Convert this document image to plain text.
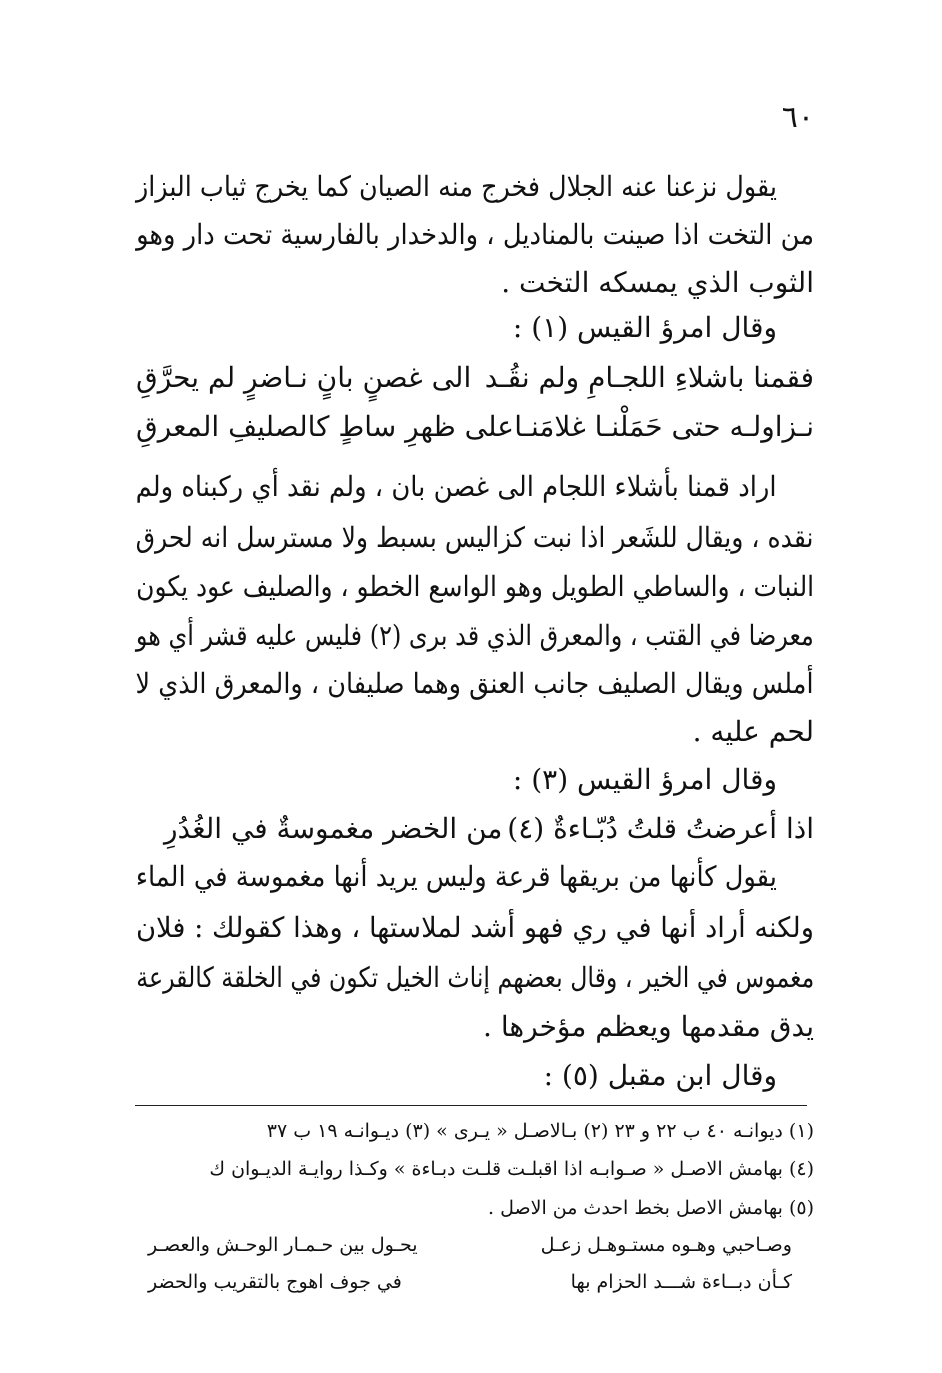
٦٠
يقول نزعنا عنه الجلال فخرج منه الصيان كما يخرج ثياب البزاز
من التخت اذا صينت بالمناديل ، والدخدار بالفارسية تحت دار وهو
الثوب الذي يمسكه التخت .
وقال امرؤ القيس (١) :
فقمنا باشلاءِ اللجـامِ ولم نقُـد
الى غصنٍ بانٍ نـاضرٍ لم يحرَّقِ
نـزاولـه حتى حَمَلْنـا غلامَنـا
على ظهرِ ساطٍ كالصليفِ المعرقِ
اراد قمنا بأشلاء اللجام الى غصن بان ، ولم نقد أي ركبناه ولم
نقده ، ويقال للشَعر اذا نبت كزاليس بسبط ولا مسترسل انه لحرق
النبات ، والساطي الطويل وهو الواسع الخطو ، والصليف عود يكون
معرضا في القتب ، والمعرق الذي قد برى (٢) فليس عليه قشر أي هو
أملس ويقال الصليف جانب العنق وهما صليفان ، والمعرق الذي لا
لحم عليه .
وقال امرؤ القيس (٣) :
اذا أعرضتُ قلتُ دُبّـاءةٌ (٤)
من الخضر مغموسةٌ في الغُدُرِ
يقول كأنها من بريقها قرعة وليس يريد أنها مغموسة في الماء
ولكنه أراد أنها في ري فهو أشد لملاستها ، وهذا كقولك : فلان
مغموس في الخير ، وقال بعضهم إناث الخيل تكون في الخلقة كالقرعة
يدق مقدمها ويعظم مؤخرها .
وقال ابن مقبل (٥) :
(١) ديوانـه ٤٠ ب ٢٢ و ٢٣ (٢) بـالاصـل « يـرى » (٣) ديـوانـه ١٩ ب ٣٧
(٤) بهامش الاصـل « صـوابـه اذا اقبلـت قلـت دبـاءة » وكـذا روايـة الديـوان ك
(٥) بهامش الاصل بخط احدث من الاصل .
وصـاحبي وهـوه مستـوهـل زعـل
يحـول بين حـمـار الوحـش والعصـر
كـأن دبــاءة شـــد الحزام بها
في جوف اهوج بالتقريب والحضر
